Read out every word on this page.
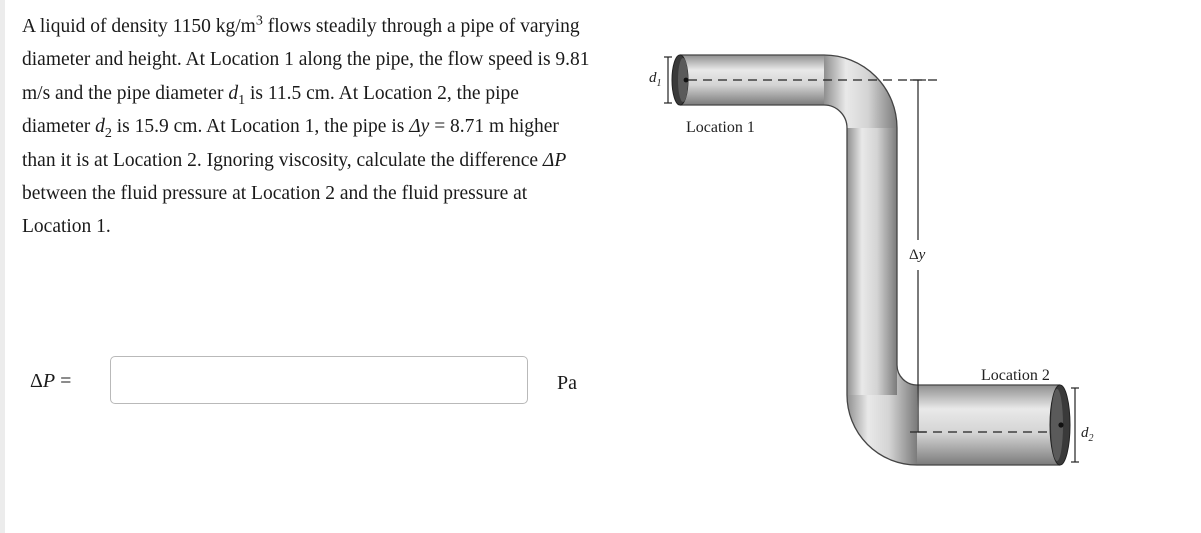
A liquid of density 1150 $kg/m^3$ flows steadily through a pipe of varying diameter and height. At Location 1 along the pipe, the flow speed is 9.81 m/s and the pipe diameter $d_1$ is 11.5 cm. At Location 2, the pipe diameter $d_2$ is 15.9 cm. At Location 1, the pipe is Δy = 8.71 m higher than it is at Location 2. Ignoring viscosity, calculate the difference ΔP between the fluid pressure at Location 2 and the fluid pressure at Location 1.

ΔP =	Pa
Location 1
Location 2
$d_1$
$d_2$
Δy
